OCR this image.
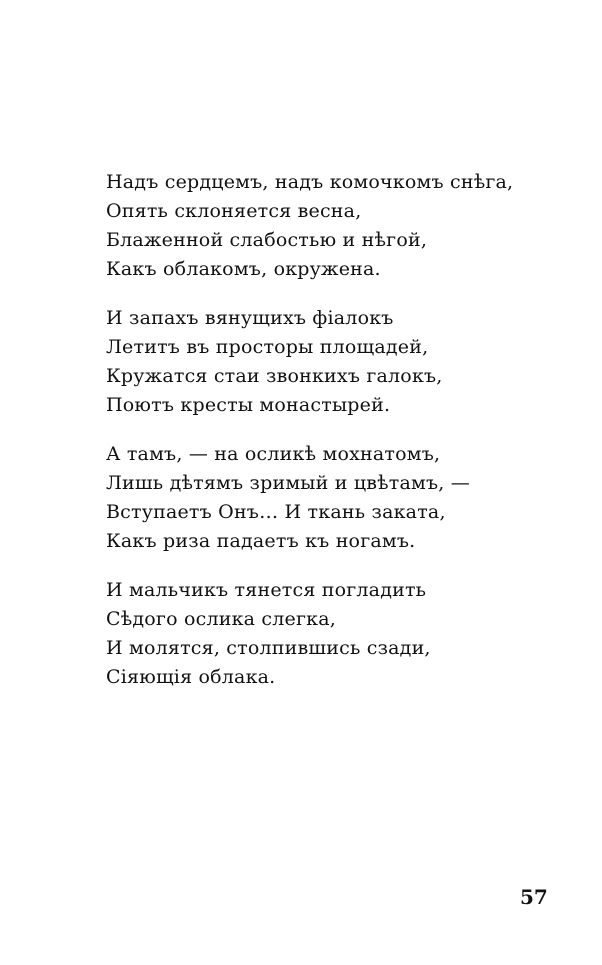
Надъ сердцемъ, надъ комочкомъ снѣга,
Опять склоняется весна,
Блаженной слабостью и нѣгой,
Какъ облакомъ, окружена.
И запахъ вянущихъ фіалокъ
Летитъ въ просторы площадей,
Кружатся стаи звонкихъ галокъ,
Поютъ кресты монастырей.
А тамъ, — на осликѣ мохнатомъ,
Лишь дѣтямъ зримый и цвѣтамъ, —
Вступаетъ Онъ… И ткань заката,
Какъ риза падаетъ къ ногамъ.
И мальчикъ тянется погладить
Сѣдого ослика слегка,
И молятся, столпившись сзади,
Сіяющія облака.
57
